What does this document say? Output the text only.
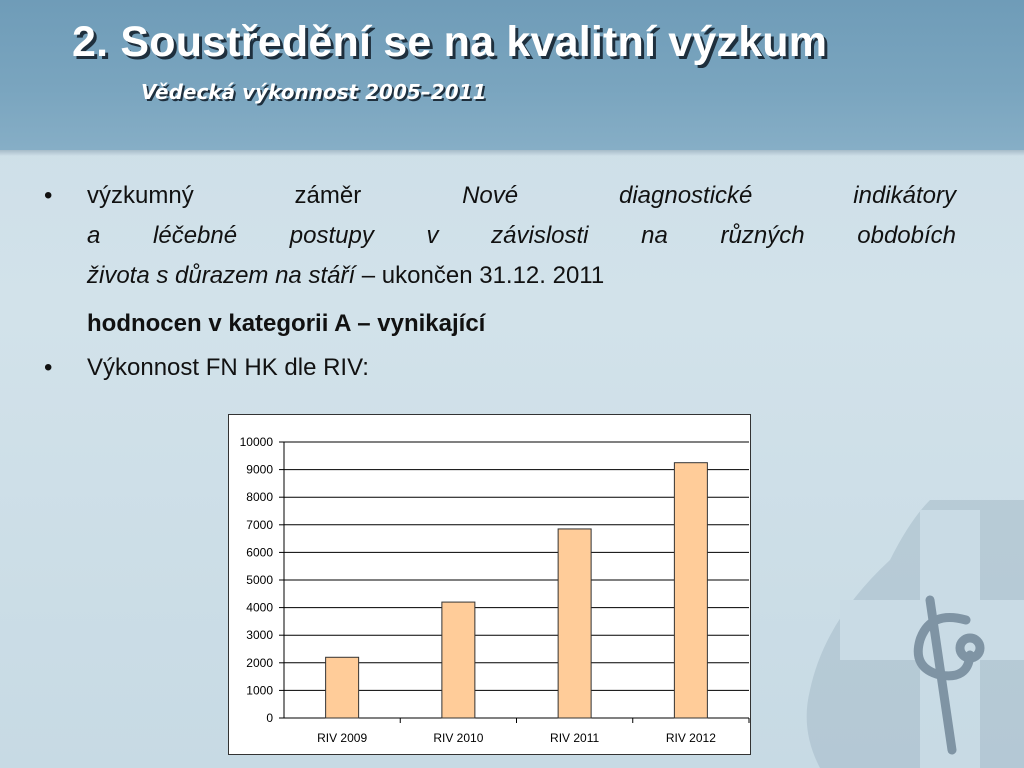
2. Soustředění se na kvalitní výzkum
Vědecká výkonnost 2005–2011
•	výzkumný	záměr	Nové	diagnostické	indikátory
a léčebné postupy v závislosti na různých obdobích
života s důrazem na stáří – ukončen 31.12. 2011
hodnocen v kategorii A – vynikající
•	Výkonnost FN HK dle RIV:
0
1000
2000
3000
4000
5000
6000
7000
8000
9000
10000
RIV 2009	RIV 2010	RIV 2011	RIV 2012
